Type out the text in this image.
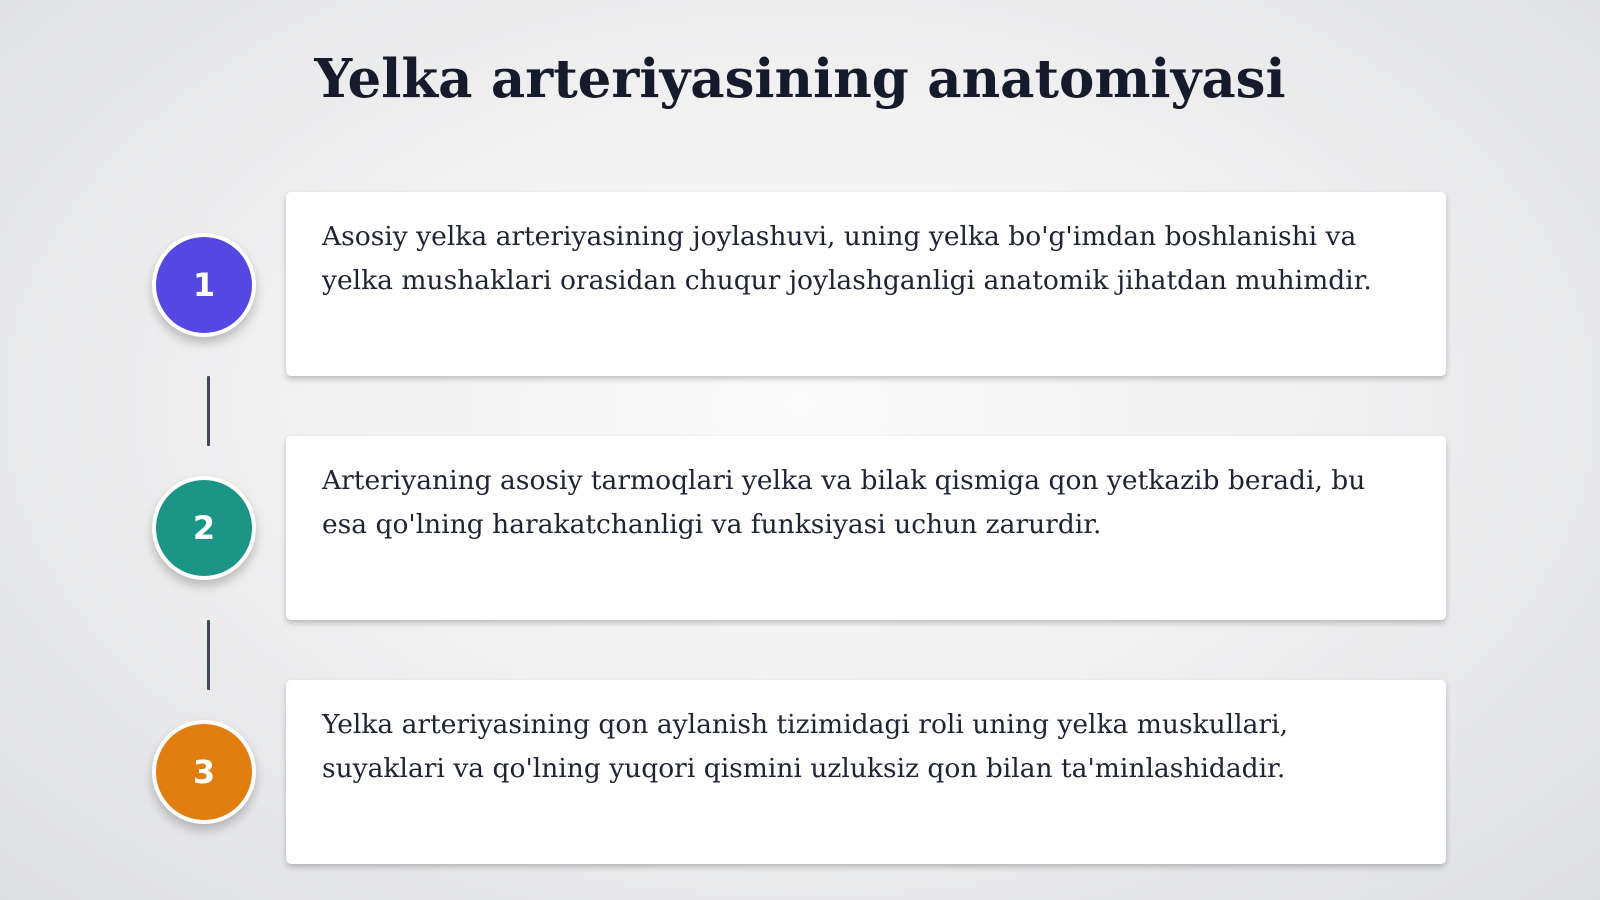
Yelka arteriyasining anatomiyasi
1

Asosiy yelka arteriyasining joylashuvi, uning yelka bo'g'imdan boshlanishi va yelka mushaklari orasidan chuqur joylashganligi anatomik jihatdan muhimdir.

2

Arteriyaning asosiy tarmoqlari yelka va bilak qismiga qon yetkazib beradi, bu esa qo'lning harakatchanligi va funksiyasi uchun zarurdir.

3

Yelka arteriyasining qon aylanish tizimidagi roli uning yelka muskullari, suyaklari va qo'lning yuqori qismini uzluksiz qon bilan ta'minlashidadir.
